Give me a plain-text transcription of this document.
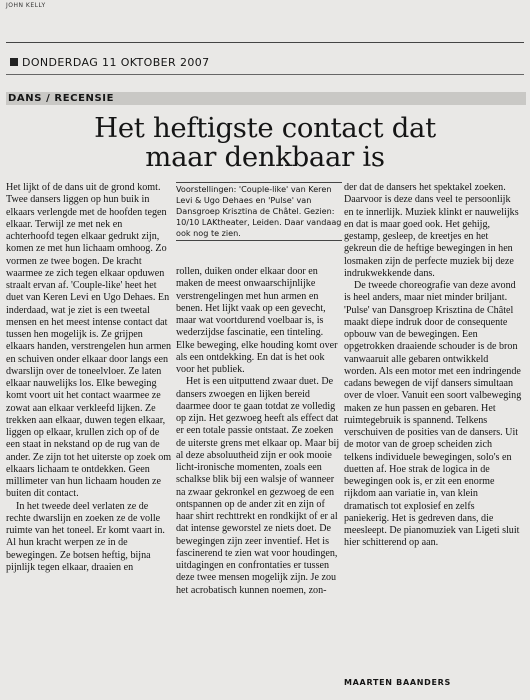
JOHN KELLY
DONDERDAG 11 OKTOBER 2007
DANS / RECENSIE
Het heftigste contact dat
maar denkbaar is

Het lijkt of de dans uit de grond komt. Twee dansers liggen op hun buik in elkaars verlengde met de hoofden tegen elkaar. Terwijl ze met nek en achterhoofd tegen elkaar gedrukt zijn, komen ze met hun lichaam omhoog. Zo vormen ze twee bogen. De kracht waarmee ze zich tegen elkaar opduwen straalt ervan af. 'Couple-like' heet het duet van Keren Levi en Ugo Dehaes. En inderdaad, wat je ziet is een tweetal mensen en het meest intense contact dat tussen hen mogelijk is. Ze grijpen elkaars handen, verstrengelen hun armen en schuiven onder elkaar door langs een dwarslijn over de toneelvloer. Ze laten elkaar nauwelijks los. Elke beweging komt voort uit het contact waarmee ze zowat aan elkaar verkleefd lijken. Ze trekken aan elkaar, duwen tegen elkaar, liggen op elkaar, krullen zich op of de een staat in nekstand op de rug van de ander. Ze zijn tot het uiterste op zoek om elkaars lichaam te ontdekken. Geen millimeter van hun lichaam houden ze buiten dit contact.

In het tweede deel verlaten ze de rechte dwarslijn en zoeken ze de volle ruimte van het toneel. Er komt vaart in. Al hun kracht werpen ze in de bewegingen. Ze botsen heftig, bijna pijnlijk tegen elkaar, draaien en

Voorstellingen: 'Couple-like' van Keren Levi & Ugo Dehaes en 'Pulse' van Dansgroep Krisztina de Châtel. Gezien: 10/10 LAKtheater, Leiden. Daar vandaag ook nog te zien.

rollen, duiken onder elkaar door en maken de meest onwaarschijnlijke verstrengelingen met hun armen en benen. Het lijkt vaak op een gevecht, maar wat voortdurend voelbaar is, is wederzijdse fascinatie, een tinteling. Elke beweging, elke houding komt over als een ontdekking. En dat is het ook voor het publiek.

Het is een uitputtend zwaar duet. De dansers zwoegen en lijken bereid daarmee door te gaan totdat ze volledig op zijn. Het gezwoeg heeft als effect dat er een totale passie ontstaat. Ze zoeken de uiterste grens met elkaar op. Maar bij al deze absoluutheid zijn er ook mooie licht-ironische momenten, zoals een schalkse blik bij een walsje of wanneer na zwaar gekronkel en gezwoeg de een ontspannen op de ander zit en zijn of haar shirt rechttrekt en rondkijkt of er al dat intense geworstel ze niets doet. De bewegingen zijn zeer inventief. Het is fascinerend te zien wat voor houdingen, uitdagingen en confrontaties er tussen deze twee mensen mogelijk zijn. Je zou het acrobatisch kunnen noemen, zon-

der dat de dansers het spektakel zoeken. Daarvoor is deze dans veel te persoonlijk en te innerlijk. Muziek klinkt er nauwelijks en dat is maar goed ook. Het gehijg, gestamp, gesleep, de kreetjes en het gekreun die de heftige bewegingen in hen losmaken zijn de perfecte muziek bij deze indrukwekkende dans.

De tweede choreografie van deze avond is heel anders, maar niet minder briljant. 'Pulse' van Dansgroep Krisztina de Châtel maakt diepe indruk door de consequente opbouw van de bewegingen. Een opgetrokken draaiende schouder is de bron vanwaaruit alle gebaren ontwikkeld worden. Als een motor met een indringende cadans bewegen de vijf dansers simultaan over de vloer. Vanuit een soort valbeweging maken ze hun passen en gebaren. Het ruimtegebruik is spannend. Telkens verschuiven de posities van de dansers. Uit de motor van de groep scheiden zich telkens individuele bewegingen, solo's en duetten af. Hoe strak de logica in de bewegingen ook is, er zit een enorme rijkdom aan variatie in, van klein dramatisch tot explosief en zelfs paniekerig. Het is gedreven dans, die meesleept. De pianomuziek van Ligeti sluit hier schitterend op aan.

MAARTEN BAANDERS
